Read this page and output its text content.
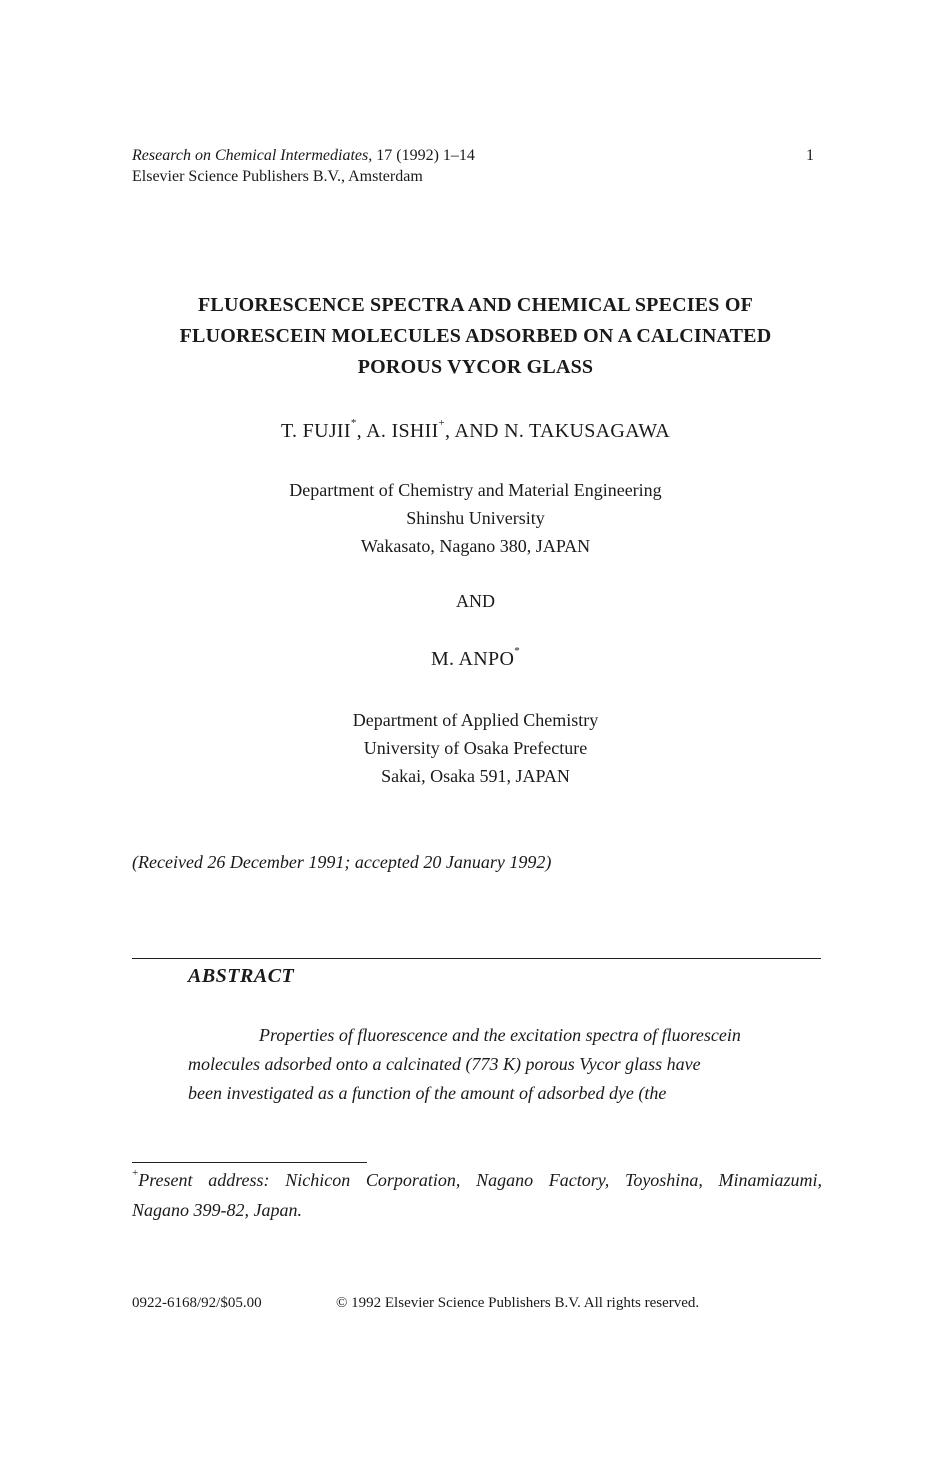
Research on Chemical Intermediates, 17 (1992) 1–14
Elsevier Science Publishers B.V., Amsterdam
1
FLUORESCENCE SPECTRA AND CHEMICAL SPECIES OF
FLUORESCEIN MOLECULES ADSORBED ON A CALCINATED
POROUS VYCOR GLASS
T. FUJII*, A. ISHII+, AND N. TAKUSAGAWA
Department of Chemistry and Material Engineering
Shinshu University
Wakasato, Nagano 380, JAPAN
AND
M. ANPO*
Department of Applied Chemistry
University of Osaka Prefecture
Sakai, Osaka 591, JAPAN
(Received 26 December 1991; accepted 20 January 1992)
ABSTRACT
Properties of fluorescence and the excitation spectra of fluorescein
molecules adsorbed onto a calcinated (773 K) porous Vycor glass have
been investigated as a function of the amount of adsorbed dye (the
+Present address: Nichicon Corporation, Nagano Factory, Toyoshina, Minamiazumi,
Nagano 399-82, Japan.
0922-6168/92/$05.00	© 1992 Elsevier Science Publishers B.V. All rights reserved.
